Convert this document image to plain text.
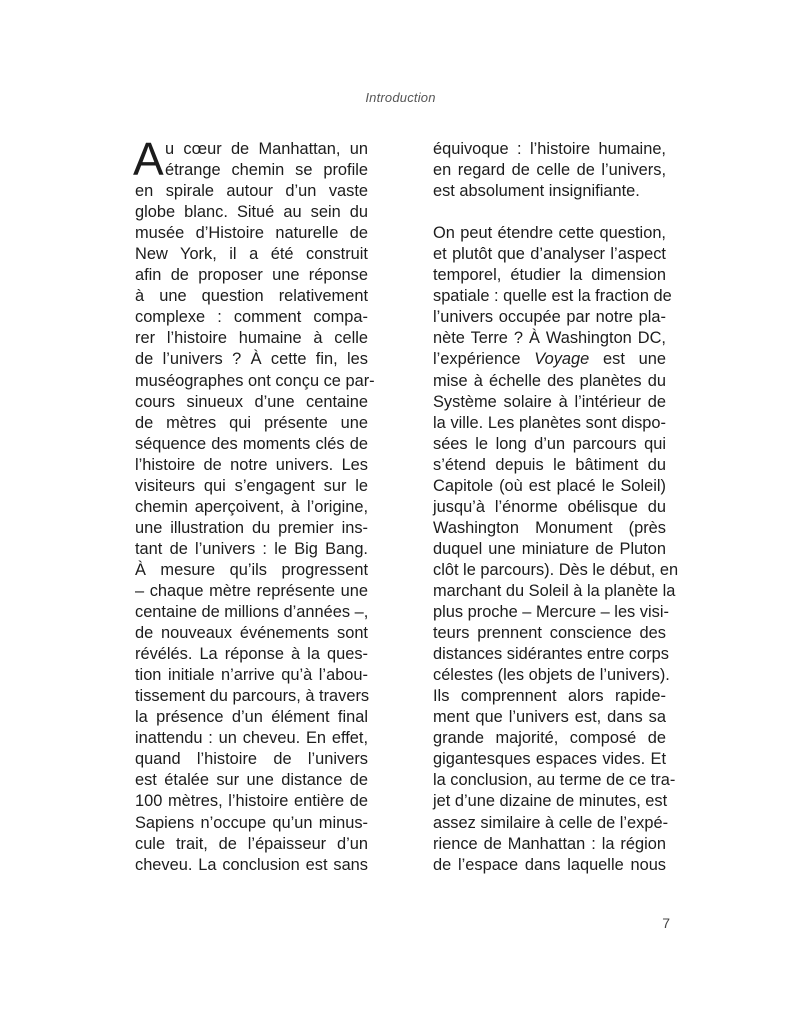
Introduction
A u cœur de Manhattan, un
étrange chemin se profile
en spirale autour d’un vaste
globe blanc. Situé au sein du
musée d’Histoire naturelle de
New York, il a été construit
afin de proposer une réponse
à une question relativement
complexe : comment compa-
rer l’histoire humaine à celle
de l’univers ? À cette fin, les
muséographes ont conçu ce par-
cours sinueux d’une centaine
de mètres qui présente une
séquence des moments clés de
l’histoire de notre univers. Les
visiteurs qui s’engagent sur le
chemin aperçoivent, à l’origine,
une illustration du premier ins-
tant de l’univers : le Big Bang.
À mesure qu’ils progressent
– chaque mètre représente une
centaine de millions d’années –,
de nouveaux événements sont
révélés. La réponse à la ques-
tion initiale n’arrive qu’à l’abou-
tissement du parcours, à travers
la présence d’un élément final
inattendu : un cheveu. En effet,
quand l’histoire de l’univers
est étalée sur une distance de
100 mètres, l’histoire entière de
Sapiens n’occupe qu’un minus-
cule trait, de l’épaisseur d’un
cheveu. La conclusion est sans
équivoque : l’histoire humaine,
en regard de celle de l’univers,
est absolument insignifiante.
On peut étendre cette question,
et plutôt que d’analyser l’aspect
temporel, étudier la dimension
spatiale : quelle est la fraction de
l’univers occupée par notre pla-
nète Terre ? À Washington DC,
l’expérience Voyage est une
mise à échelle des planètes du
Système solaire à l’intérieur de
la ville. Les planètes sont dispo-
sées le long d’un parcours qui
s’étend depuis le bâtiment du
Capitole (où est placé le Soleil)
jusqu’à l’énorme obélisque du
Washington Monument (près
duquel une miniature de Pluton
clôt le parcours). Dès le début, en
marchant du Soleil à la planète la
plus proche – Mercure – les visi-
teurs prennent conscience des
distances sidérantes entre corps
célestes (les objets de l’univers).
Ils comprennent alors rapide-
ment que l’univers est, dans sa
grande majorité, composé de
gigantesques espaces vides. Et
la conclusion, au terme de ce tra-
jet d’une dizaine de minutes, est
assez similaire à celle de l’expé-
rience de Manhattan : la région
de l’espace dans laquelle nous
7
